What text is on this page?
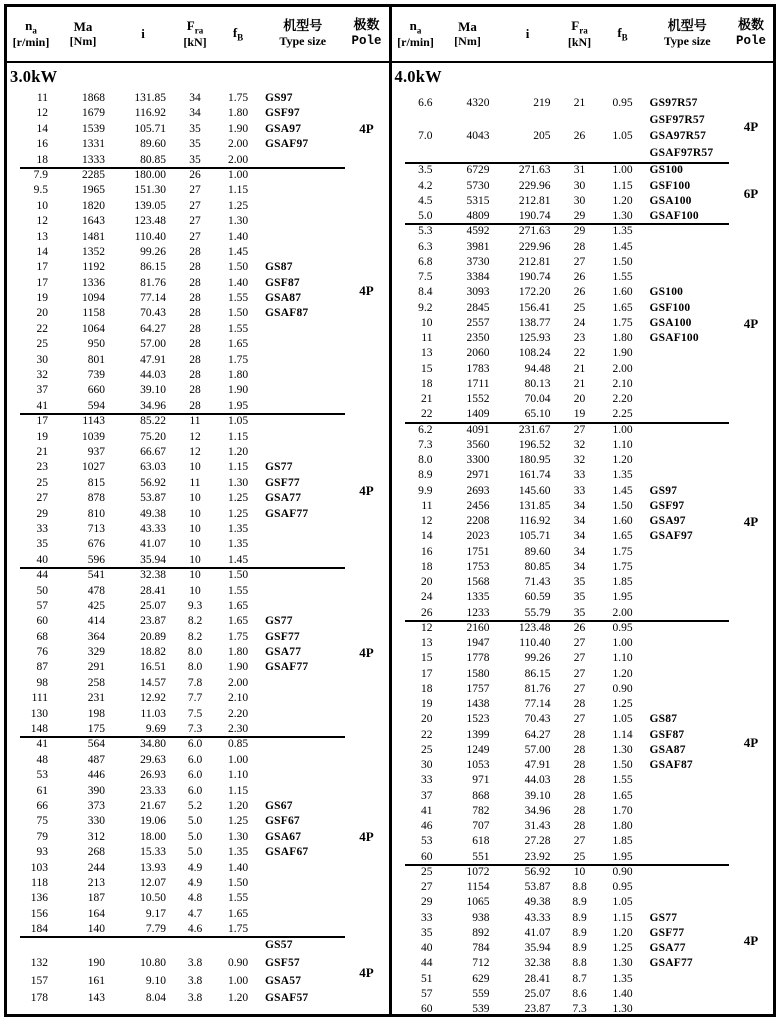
$n_a$
[r/min]
Ma
[Nm]
i
$F_{ra}$
[kN]
$f_B$
机型号
Type size
极数
Pole
3.0kW
11	1868	131.85	34	1.75	GS97
12	1679	116.92	34	1.80	GSF97
14	1539	105.71	35	1.90	GSA97
16	1331	89.60	35	2.00	GSAF97
18	1333	80.85	35	2.00
4P
7.9	2285	180.00	26	1.00
9.5	1965	151.30	27	1.15
10	1820	139.05	27	1.25
12	1643	123.48	27	1.30
13	1481	110.40	27	1.40
14	1352	99.26	28	1.45
17	1192	86.15	28	1.50	GS87
17	1336	81.76	28	1.40	GSF87
19	1094	77.14	28	1.55	GSA87
20	1158	70.43	28	1.50	GSAF87
22	1064	64.27	28	1.55
25	950	57.00	28	1.65
30	801	47.91	28	1.75
32	739	44.03	28	1.80
37	660	39.10	28	1.90
41	594	34.96	28	1.95
4P
17	1143	85.22	11	1.05
19	1039	75.20	12	1.15
21	937	66.67	12	1.20
23	1027	63.03	10	1.15	GS77
25	815	56.92	11	1.30	GSF77
27	878	53.87	10	1.25	GSA77
29	810	49.38	10	1.25	GSAF77
33	713	43.33	10	1.35
35	676	41.07	10	1.35
40	596	35.94	10	1.45
4P
44	541	32.38	10	1.50
50	478	28.41	10	1.55
57	425	25.07	9.3	1.65
60	414	23.87	8.2	1.65	GS77
68	364	20.89	8.2	1.75	GSF77
76	329	18.82	8.0	1.80	GSA77
87	291	16.51	8.0	1.90	GSAF77
98	258	14.57	7.8	2.00
111	231	12.92	7.7	2.10
130	198	11.03	7.5	2.20
148	175	9.69	7.3	2.30
4P
41	564	34.80	6.0	0.85
48	487	29.63	6.0	1.00
53	446	26.93	6.0	1.10
61	390	23.33	6.0	1.15
66	373	21.67	5.2	1.20	GS67
75	330	19.06	5.0	1.25	GSF67
79	312	18.00	5.0	1.30	GSA67
93	268	15.33	5.0	1.35	GSAF67
103	244	13.93	4.9	1.40
118	213	12.07	4.9	1.50
136	187	10.50	4.8	1.55
156	164	9.17	4.7	1.65
184	140	7.79	4.6	1.75
4P
GS57
132	190	10.80	3.8	0.90	GSF57
157	161	9.10	3.8	1.00	GSA57
178	143	8.04	3.8	1.20	GSAF57
4P
$n_a$
[r/min]
Ma
[Nm]
i
$F_{ra}$
[kN]
$f_B$
机型号
Type size
极数
Pole
4.0kW
6.6	4320	219	21	0.95	GS97R57
GSF97R57
7.0	4043	205	26	1.05	GSA97R57
GSAF97R57
4P
3.5	6729	271.63	31	1.00	GS100
4.2	5730	229.96	30	1.15	GSF100
4.5	5315	212.81	30	1.20	GSA100
5.0	4809	190.74	29	1.30	GSAF100
6P
5.3	4592	271.63	29	1.35
6.3	3981	229.96	28	1.45
6.8	3730	212.81	27	1.50
7.5	3384	190.74	26	1.55
8.4	3093	172.20	26	1.60	GS100
9.2	2845	156.41	25	1.65	GSF100
10	2557	138.77	24	1.75	GSA100
11	2350	125.93	23	1.80	GSAF100
13	2060	108.24	22	1.90
15	1783	94.48	21	2.00
18	1711	80.13	21	2.10
21	1552	70.04	20	2.20
22	1409	65.10	19	2.25
4P
6.2	4091	231.67	27	1.00
7.3	3560	196.52	32	1.10
8.0	3300	180.95	32	1.20
8.9	2971	161.74	33	1.35
9.9	2693	145.60	33	1.45	GS97
11	2456	131.85	34	1.50	GSF97
12	2208	116.92	34	1.60	GSA97
14	2023	105.71	34	1.65	GSAF97
16	1751	89.60	34	1.75
18	1753	80.85	34	1.75
20	1568	71.43	35	1.85
24	1335	60.59	35	1.95
26	1233	55.79	35	2.00
4P
12	2160	123.48	26	0.95
13	1947	110.40	27	1.00
15	1778	99.26	27	1.10
17	1580	86.15	27	1.20
18	1757	81.76	27	0.90
19	1438	77.14	28	1.25
20	1523	70.43	27	1.05	GS87
22	1399	64.27	28	1.14	GSF87
25	1249	57.00	28	1.30	GSA87
30	1053	47.91	28	1.50	GSAF87
33	971	44.03	28	1.55
37	868	39.10	28	1.65
41	782	34.96	28	1.70
46	707	31.43	28	1.80
53	618	27.28	27	1.85
60	551	23.92	25	1.95
4P
25	1072	56.92	10	0.90
27	1154	53.87	8.8	0.95
29	1065	49.38	8.9	1.05
33	938	43.33	8.9	1.15	GS77
35	892	41.07	8.9	1.20	GSF77
40	784	35.94	8.9	1.25	GSA77
44	712	32.38	8.8	1.30	GSAF77
51	629	28.41	8.7	1.35
57	559	25.07	8.6	1.40
60	539	23.87	7.3	1.30
4P
